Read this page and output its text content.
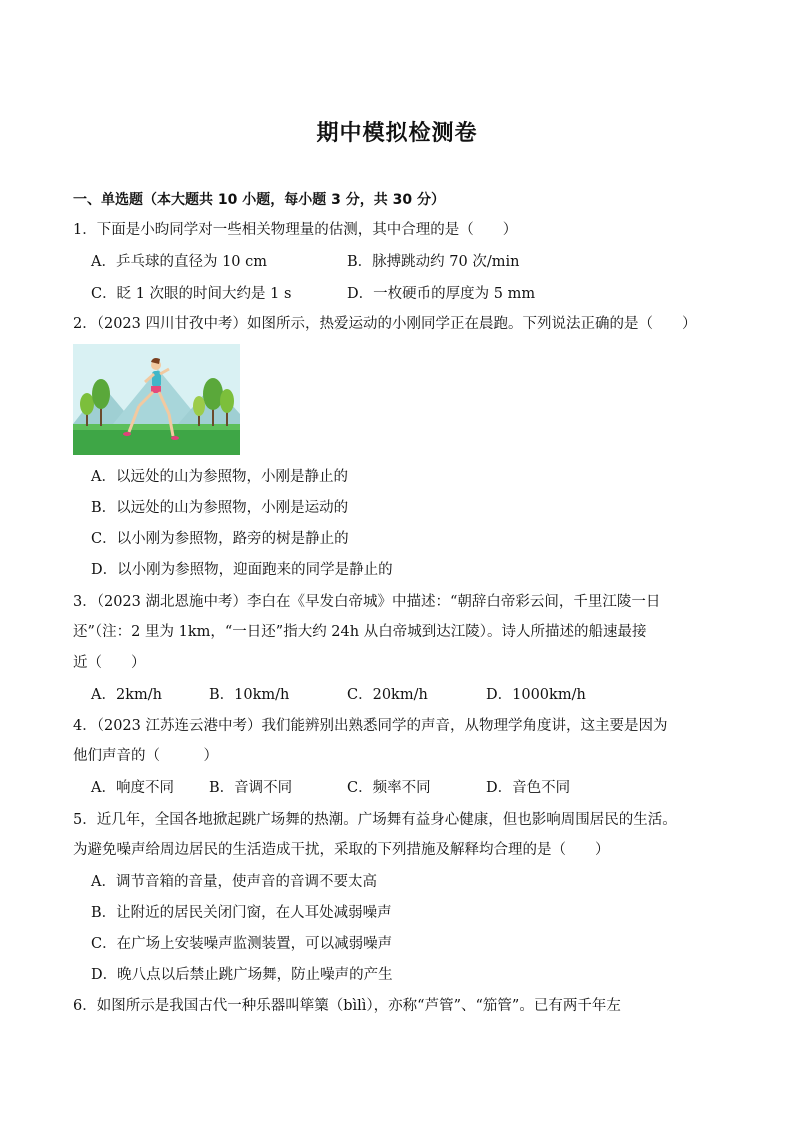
期中模拟检测卷
一、单选题（本大题共 10 小题，每小题 3 分，共 30 分）
1．下面是小昀同学对一些相关物理量的估测，其中合理的是（　　）
A．乒乓球的直径为 10 cm	B．脉搏跳动约 70 次/min
C．眨 1 次眼的时间大约是 1 s	D．一枚硬币的厚度为 5 mm
2．（2023 四川甘孜中考）如图所示，热爱运动的小刚同学正在晨跑。下列说法正确的是（　　）
A．以远处的山为参照物，小刚是静止的
B．以远处的山为参照物，小刚是运动的
C．以小刚为参照物，路旁的树是静止的
D．以小刚为参照物，迎面跑来的同学是静止的
3．（2023 湖北恩施中考）李白在《早发白帝城》中描述：“朝辞白帝彩云间，千里江陵一日
还”（注：2 里为 1km，“一日还”指大约 24h 从白帝城到达江陵）。诗人所描述的船速最接
近（　　）
A．2km/h	B．10km/h	C．20km/h	D．1000km/h
4．（2023 江苏连云港中考）我们能辨别出熟悉同学的声音，从物理学角度讲，这主要是因为
他们声音的（　　　）
A．响度不同 B．音调不同	C．频率不同	D．音色不同
5．近几年，全国各地掀起跳广场舞的热潮。广场舞有益身心健康，但也影响周围居民的生活。
为避免噪声给周边居民的生活造成干扰，采取的下列措施及解释均合理的是（　　）
A．调节音箱的音量，使声音的音调不要太高
B．让附近的居民关闭门窗，在人耳处减弱噪声
C．在广场上安装噪声监测装置，可以减弱噪声
D．晚八点以后禁止跳广场舞，防止噪声的产生
6．如图所示是我国古代一种乐器叫筚篥（bìlì），亦称“芦管”、“笳管”。已有两千年左
